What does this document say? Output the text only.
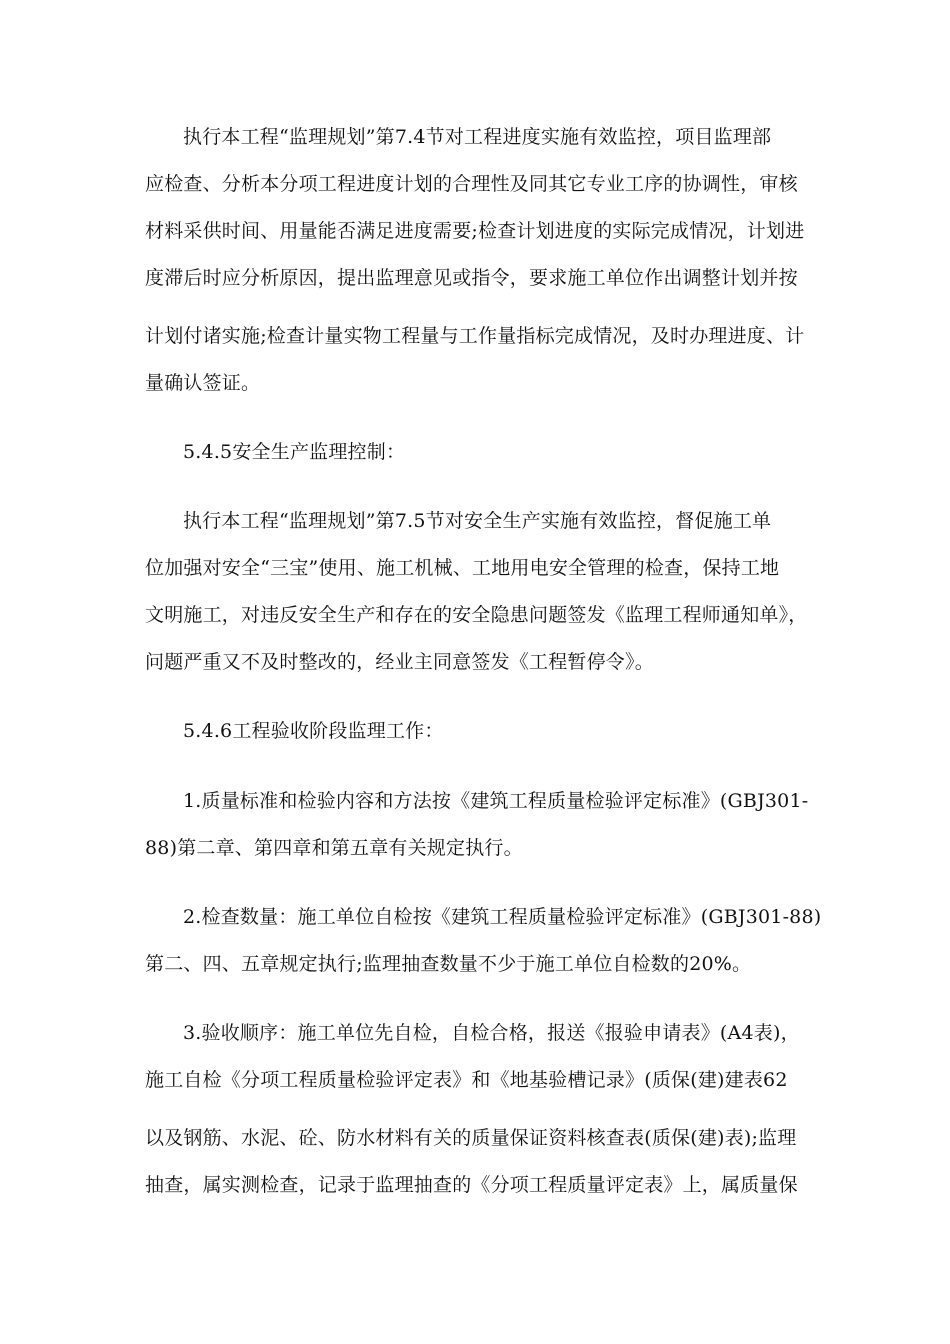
执行本工程“监理规划”第7.4节对工程进度实施有效监控，项目监理部
应检查、分析本分项工程进度计划的合理性及同其它专业工序的协调性，审核
材料采供时间、用量能否满足进度需要;检查计划进度的实际完成情况，计划进
度滞后时应分析原因，提出监理意见或指令，要求施工单位作出调整计划并按
计划付诸实施;检查计量实物工程量与工作量指标完成情况，及时办理进度、计
量确认签证。
5.4.5安全生产监理控制：
执行本工程“监理规划”第7.5节对安全生产实施有效监控，督促施工单
位加强对安全“三宝”使用、施工机械、工地用电安全管理的检查，保持工地
文明施工，对违反安全生产和存在的安全隐患问题签发《监理工程师通知单》，
问题严重又不及时整改的，经业主同意签发《工程暂停令》。
5.4.6工程验收阶段监理工作：
1.质量标准和检验内容和方法按《建筑工程质量检验评定标准》(GBJ301-
88)第二章、第四章和第五章有关规定执行。
2.检查数量：施工单位自检按《建筑工程质量检验评定标准》(GBJ301-88)
第二、四、五章规定执行;监理抽查数量不少于施工单位自检数的20%。
3.验收顺序：施工单位先自检，自检合格，报送《报验申请表》(A4表)，
施工自检《分项工程质量检验评定表》和《地基验槽记录》(质保(建)建表62
以及钢筋、水泥、砼、防水材料有关的质量保证资料核查表(质保(建)表);监理
抽查，属实测检查，记录于监理抽查的《分项工程质量评定表》上，属质量保
